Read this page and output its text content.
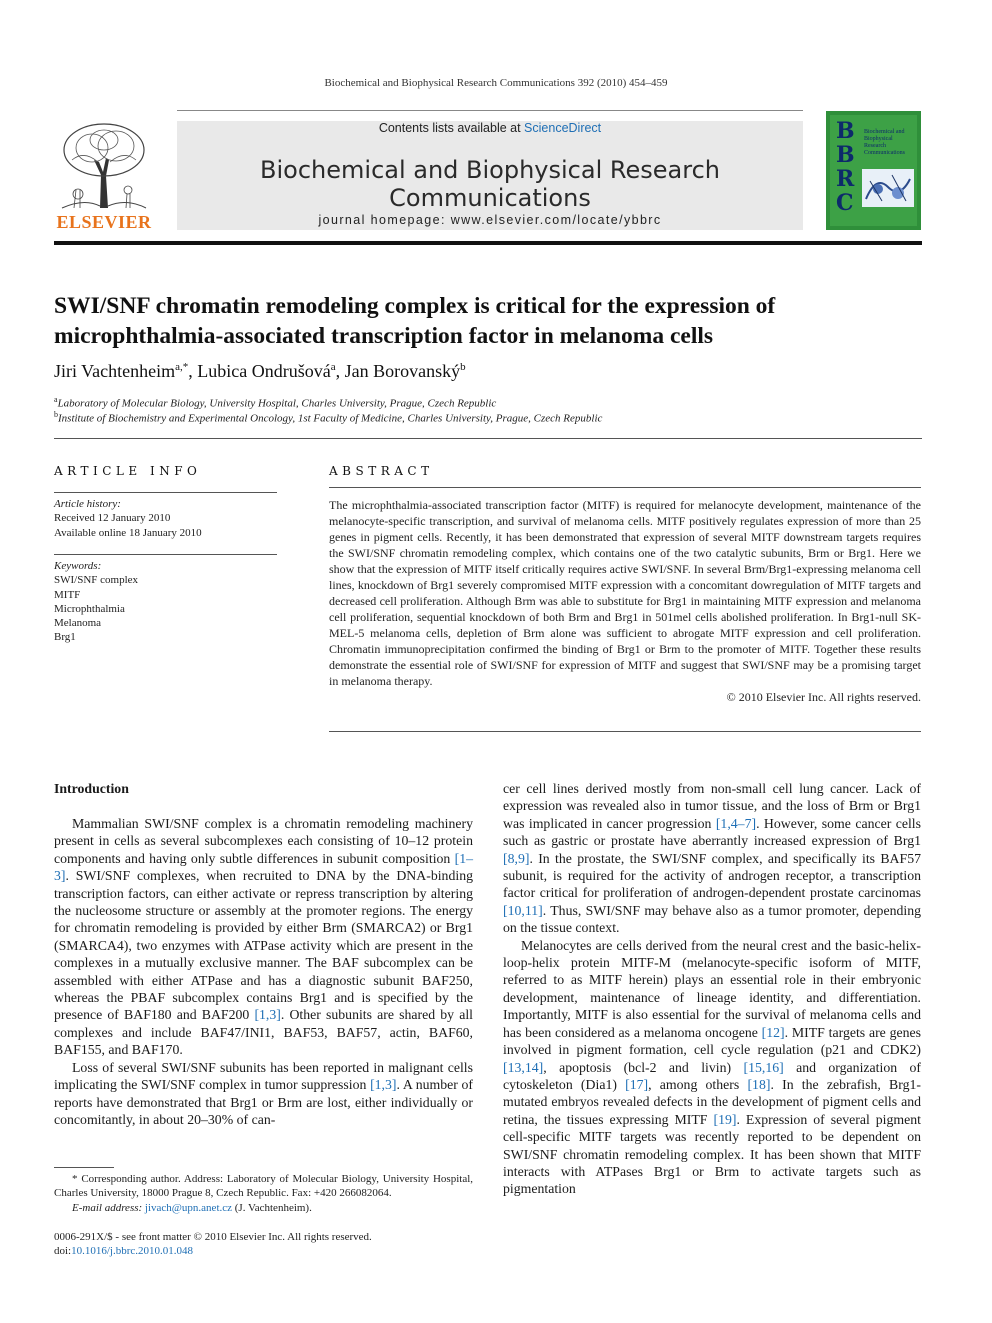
Biochemical and Biophysical Research Communications 392 (2010) 454–459
ELSEVIER
Contents lists available at ScienceDirect
Biochemical and Biophysical Research Communications
journal homepage: www.elsevier.com/locate/ybbrc
B
B
R
C
Biochemical and Biophysical Research Communications
SWI/SNF chromatin remodeling complex is critical for the expression of microphthalmia-associated transcription factor in melanoma cells
Jiri Vachtenheim$^{a,*}$, Lubica Ondrušová$^a$, Jan Borovanský$^b$
$^a$Laboratory of Molecular Biology, University Hospital, Charles University, Prague, Czech Republic
$^b$Institute of Biochemistry and Experimental Oncology, 1st Faculty of Medicine, Charles University, Prague, Czech Republic
ARTICLE INFO
Article history:
Received 12 January 2010
Available online 18 January 2010
Keywords:
SWI/SNF complex
MITF
Microphthalmia
Melanoma
Brg1
ABSTRACT
The microphthalmia-associated transcription factor (MITF) is required for melanocyte development, maintenance of the melanocyte-specific transcription, and survival of melanoma cells. MITF positively regulates expression of more than 25 genes in pigment cells. Recently, it has been demonstrated that expression of several MITF downstream targets requires the SWI/SNF chromatin remodeling complex, which contains one of the two catalytic subunits, Brm or Brg1. Here we show that the expression of MITF itself critically requires active SWI/SNF. In several Brm/Brg1-expressing melanoma cell lines, knockdown of Brg1 severely compromised MITF expression with a concomitant dowregulation of MITF targets and decreased cell proliferation. Although Brm was able to substitute for Brg1 in maintaining MITF expression and melanoma cell proliferation, sequential knockdown of both Brm and Brg1 in 501mel cells abolished proliferation. In Brg1-null SK-MEL-5 melanoma cells, depletion of Brm alone was sufficient to abrogate MITF expression and cell proliferation. Chromatin immunoprecipitation confirmed the binding of Brg1 or Brm to the promoter of MITF. Together these results demonstrate the essential role of SWI/SNF for expression of MITF and suggest that SWI/SNF may be a promising target in melanoma therapy.
© 2010 Elsevier Inc. All rights reserved.
Introduction

Mammalian SWI/SNF complex is a chromatin remodeling machinery present in cells as several subcomplexes each consisting of 10–12 protein components and having only subtle differences in subunit composition [1–3]. SWI/SNF complexes, when recruited to DNA by the DNA-binding transcription factors, can either activate or repress transcription by altering the nucleosome structure or assembly at the promoter regions. The energy for chromatin remodeling is provided by either Brm (SMARCA2) or Brg1 (SMARCA4), two enzymes with ATPase activity which are present in the complexes in a mutually exclusive manner. The BAF subcomplex can be assembled with either ATPase and has a diagnostic subunit BAF250, whereas the PBAF subcomplex contains Brg1 and is specified by the presence of BAF180 and BAF200 [1,3]. Other subunits are shared by all complexes and include BAF47/INI1, BAF53, BAF57, actin, BAF60, BAF155, and BAF170.

Loss of several SWI/SNF subunits has been reported in malignant cells implicating the SWI/SNF complex in tumor suppression [1,3]. A number of reports have demonstrated that Brg1 or Brm are lost, either individually or concomitantly, in about 20–30% of can-

cer cell lines derived mostly from non-small cell lung cancer. Lack of expression was revealed also in tumor tissue, and the loss of Brm or Brg1 was implicated in cancer progression [1,4–7]. However, some cancer cells such as gastric or prostate have aberrantly increased expression of Brg1 [8,9]. In the prostate, the SWI/SNF complex, and specifically its BAF57 subunit, is required for the activity of androgen receptor, a transcription factor critical for proliferation of androgen-dependent prostate carcinomas [10,11]. Thus, SWI/SNF may behave also as a tumor promoter, depending on the tissue context.

Melanocytes are cells derived from the neural crest and the basic-helix-loop-helix protein MITF-M (melanocyte-specific isoform of MITF, referred to as MITF herein) plays an essential role in their embryonic development, maintenance of lineage identity, and differentiation. Importantly, MITF is also essential for the survival of melanoma cells and has been considered as a melanoma oncogene [12]. MITF targets are genes involved in pigment formation, cell cycle regulation (p21 and CDK2) [13,14], apoptosis (bcl-2 and livin) [15,16] and organization of cytoskeleton (Dia1) [17], among others [18]. In the zebrafish, Brg1-mutated embryos revealed defects in the development of pigment cells and retina, the tissues expressing MITF [19]. Expression of several pigment cell-specific MITF targets was recently reported to be dependent on SWI/SNF chromatin remodeling complex. It has been shown that MITF interacts with ATPases Brg1 or Brm to activate targets such as pigmentation

* Corresponding author. Address: Laboratory of Molecular Biology, University Hospital, Charles University, 18000 Prague 8, Czech Republic. Fax: +420 266082064.
E-mail address: jivach@upn.anet.cz (J. Vachtenheim).
0006-291X/$ - see front matter © 2010 Elsevier Inc. All rights reserved.
doi:10.1016/j.bbrc.2010.01.048
